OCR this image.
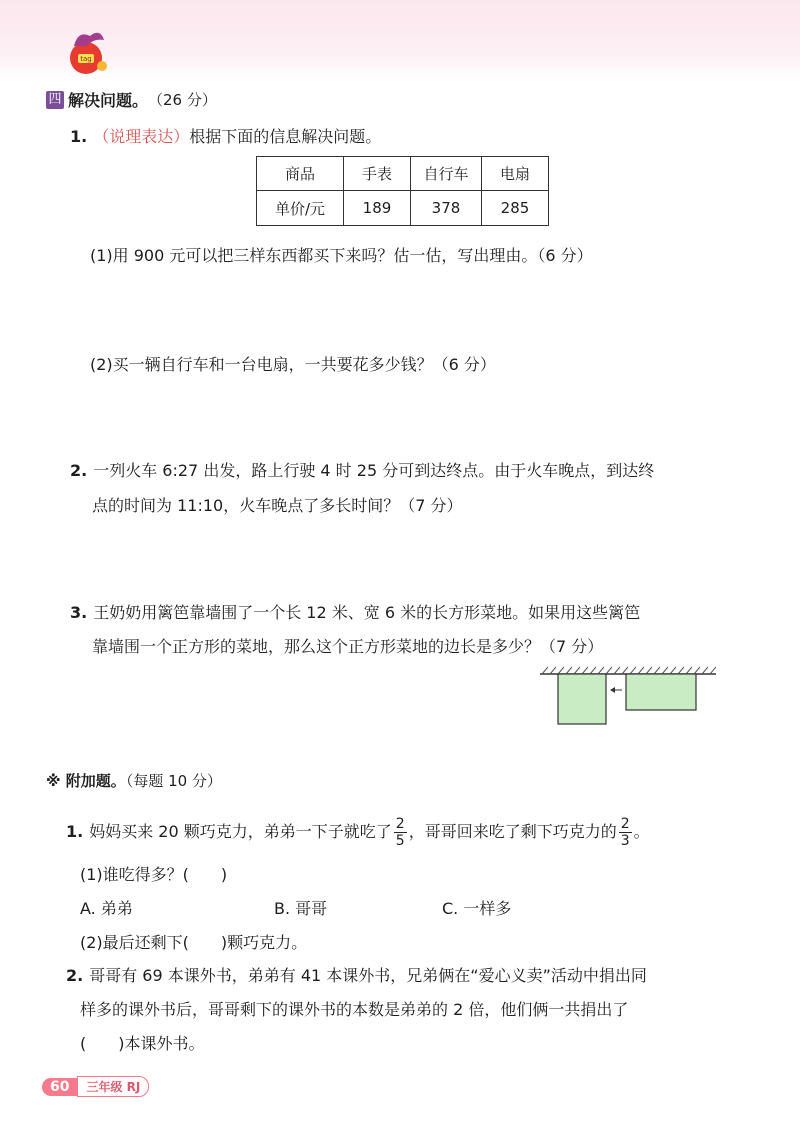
tag
四 解决问题。 （26 分）
1. （说理表达）根据下面的信息解决问题。
商品	手表	自行车	电扇
单价/元	189	378	285
(1)用 900 元可以把三样东西都买下来吗？估一估，写出理由。（6 分）
(2)买一辆自行车和一台电扇，一共要花多少钱？（6 分）
2. 一列火车 6:27 出发，路上行驶 4 时 25 分可到达终点。由于火车晚点，到达终
点的时间为 11:10，火车晚点了多长时间？（7 分）
3. 王奶奶用篱笆靠墙围了一个长 12 米、宽 6 米的长方形菜地。如果用这些篱笆
靠墙围一个正方形的菜地，那么这个正方形菜地的边长是多少？（7 分）
※ 附加题。（每题 10 分）
1. 妈妈买来 20 颗巧克力，弟弟一下子就吃了 $\frac{2}{5}$ ，哥哥回来吃了剩下巧克力的 $\frac{2}{3}$ 。
(1)谁吃得多？(　　)
A. 弟弟	B. 哥哥	C. 一样多
(2)最后还剩下(　　)颗巧克力。
2. 哥哥有 69 本课外书，弟弟有 41 本课外书，兄弟俩在“爱心义卖”活动中捐出同
样多的课外书后，哥哥剩下的课外书的本数是弟弟的 2 倍，他们俩一共捐出了
(　　)本课外书。
60	三年级 RJ
